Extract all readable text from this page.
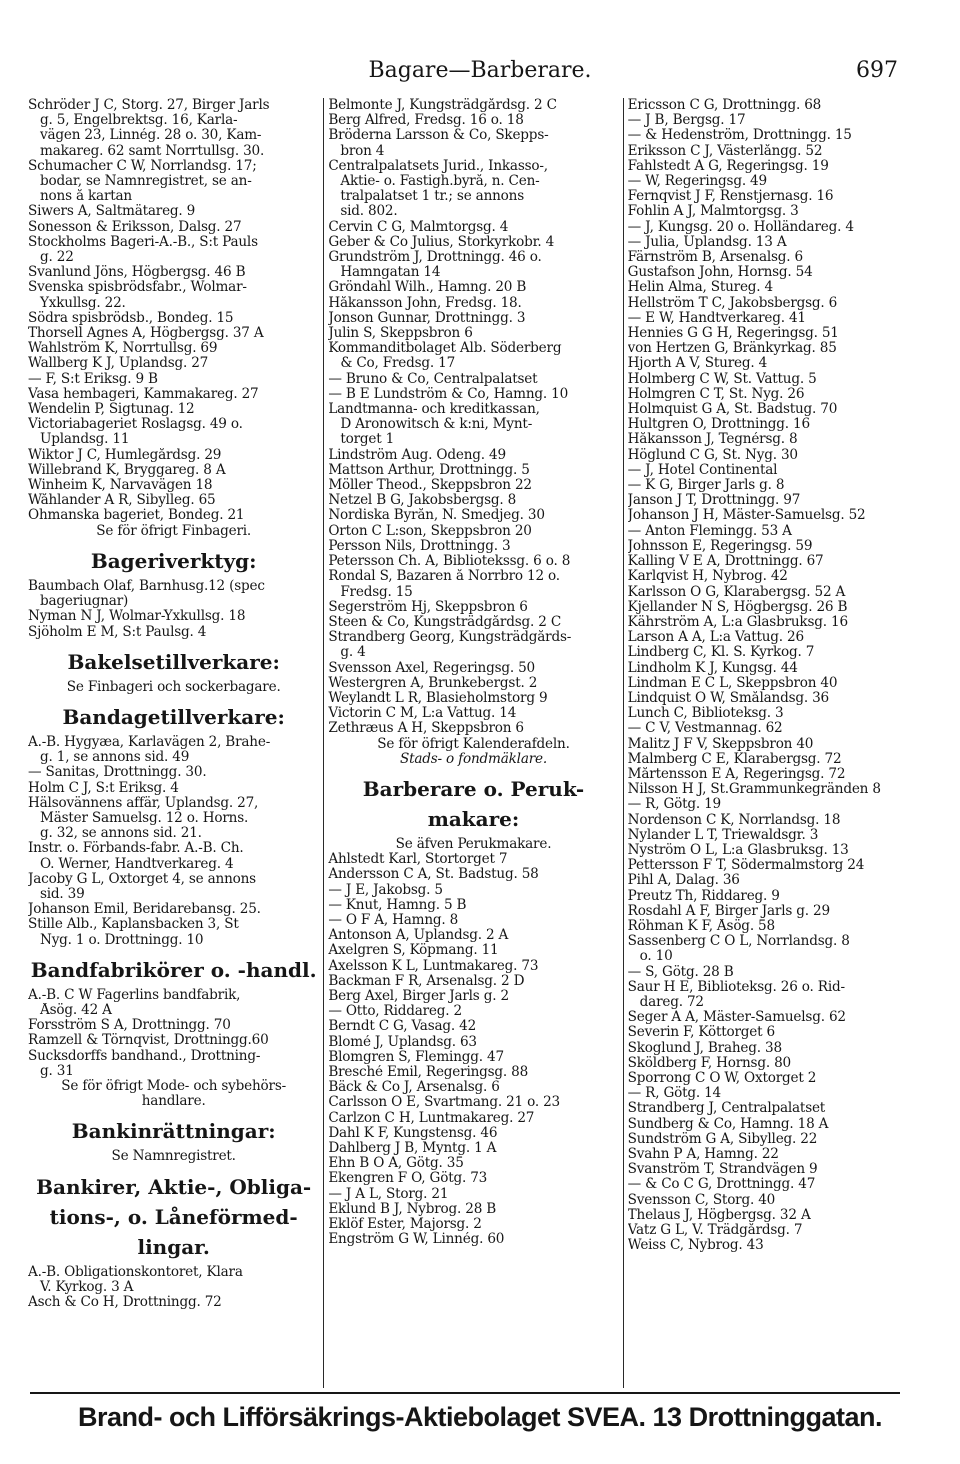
Bagare—Barberare.	697
Schröder J C, Storg. 27, Birger Jarls
g. 5, Engelbrektsg. 16, Karla-
vägen 23, Linnég. 28 o. 30, Kam-
makareg. 62 samt Norrtullsg. 30.
Schumacher C W, Norrlandsg. 17;
bodar, se Namnregistret, se an-
nons å kartan
Siwers A, Saltmätareg. 9
Sonesson & Eriksson, Dalsg. 27
Stockholms Bageri-A.-B., S:t Pauls
g. 22
Svanlund Jöns, Högbergsg. 46 B
Svenska spisbrödsfabr., Wolmar-
Yxkullsg. 22.
Södra spisbrödsb., Bondeg. 15
Thorsell Agnes A, Högbergsg. 37 A
Wahlström K, Norrtullsg. 69
Wallberg K J, Uplandsg. 27
— F, S:t Eriksg. 9 B
Vasa hembageri, Kammakareg. 27
Wendelin P, Sigtunag. 12
Victoriabageriet Roslagsg. 49 o.
Uplandsg. 11
Wiktor J C, Humlegårdsg. 29
Willebrand K, Bryggareg. 8 A
Winheim K, Narvavägen 18
Wåhlander A R, Sibylleg. 65
Öhmanska bageriet, Bondeg. 21
Se för öfrigt Finbageri.
Bageriverktyg:
Baumbach Olaf, Barnhusg.12 (spec
bageriugnar)
Nyman N J, Wolmar-Yxkullsg. 18
Sjöholm E M, S:t Paulsg. 4
Bakelsetillverkare:
Se Finbageri och sockerbagare.
Bandagetillverkare:
A.-B. Hygyæa, Karlavägen 2, Brahe-
g. 1, se annons sid. 49
— Sanitas, Drottningg. 30.
Holm C J, S:t Eriksg. 4
Hälsovännens affär, Uplandsg. 27,
Mäster Samuelsg. 12 o. Horns.
g. 32, se annons sid. 21.
Instr. o. Förbands-fabr. A.-B. Ch.
O. Werner, Handtverkareg. 4
Jacoby G L, Oxtorget 4, se annons
sid. 39
Johanson Emil, Beridarebansg. 25.
Stille Alb., Kaplansbacken 3, St
Nyg. 1 o. Drottningg. 10
Bandfabrikörer o. -handl.
A.-B. C W Fagerlins bandfabrik,
Åsög. 42 A
Forsström S A, Drottningg. 70
Ramzell & Törnqvist, Drottningg.60
Sucksdorffs bandhand., Drottning-
g. 31
Se för öfrigt Mode- och sybehörs-
handlare.
Bankinrättningar:
Se Namnregistret.
Bankirer, Aktie-, Obliga-
tions-, o. Låneförmed-
lingar.
A.-B. Obligationskontoret, Klara
V. Kyrkog. 3 A
Asch & Co H, Drottningg. 72
Belmonte J, Kungsträdgårdsg. 2 C
Berg Alfred, Fredsg. 16 o. 18
Bröderna Larsson & Co, Skepps-
bron 4
Centralpalatsets Jurid., Inkasso-,
Aktie- o. Fastigh.byrå, n. Cen-
tralpalatset 1 tr.; se annons
sid. 802.
Cervin C G, Malmtorgsg. 4
Geber & Co Julius, Storkyrkobr. 4
Grundström J, Drottningg. 46 o.
Hamngatan 14
Gröndahl Wilh., Hamng. 20 B
Håkansson John, Fredsg. 18.
Jonson Gunnar, Drottningg. 3
Julin S, Skeppsbron 6
Kommanditbolaget Alb. Söderberg
& Co, Fredsg. 17
— Bruno & Co, Centralpalatset
— B E Lundström & Co, Hamng. 10
Landtmanna- och kreditkassan,
D Aronowitsch & k:ni, Mynt-
torget 1
Lindström Aug. Odeng. 49
Mattson Arthur, Drottningg. 5
Möller Theod., Skeppsbron 22
Netzel B G, Jakobsbergsg. 8
Nordiska Byrån, N. Smedjeg. 30
Orton C L:son, Skeppsbron 20
Persson Nils, Drottningg. 3
Petersson Ch. A, Bibliotekssg. 6 o. 8
Rondal S, Bazaren å Norrbro 12 o.
Fredsg. 15
Segerström Hj, Skeppsbron 6
Steen & Co, Kungsträdgårdsg. 2 C
Strandberg Georg, Kungsträdgårds-
g. 4
Svensson Axel, Regeringsg. 50
Westergren A, Brunkebergst. 2
Weylandt L R, Blasieholmstorg 9
Victorin C M, L:a Vattug. 14
Zethræus A H, Skeppsbron 6
Se för öfrigt Kalenderafdeln.
Stads- o fondmäklare.
Barberare o. Peruk-
makare:
Se äfven Perukmakare.
Ahlstedt Karl, Stortorget 7
Andersson C A, St. Badstug. 58
— J E, Jakobsg. 5
— Knut, Hamng. 5 B
— O F A, Hamng. 8
Antonson A, Uplandsg. 2 A
Axelgren S, Köpmang. 11
Axelsson K L, Luntmakareg. 73
Backman F R, Arsenalsg. 2 D
Berg Axel, Birger Jarls g. 2
— Otto, Riddareg. 2
Berndt C G, Vasag. 42
Blomé J, Uplandsg. 63
Blomgren S, Flemingg. 47
Bresché Emil, Regeringsg. 88
Bäck & Co J, Arsenalsg. 6
Carlsson O E, Svartmang. 21 o. 23
Carlzon C H, Luntmakareg. 27
Dahl K F, Kungstensg. 46
Dahlberg J B, Myntg. 1 A
Ehn B O A, Götg. 35
Ekengren F O, Götg. 73
— J A L, Storg. 21
Eklund B J, Nybrog. 28 B
Eklöf Ester, Majorsg. 2
Engström G W, Linnég. 60
Ericsson C G, Drottningg. 68
— J B, Bergsg. 17
— & Hedenström, Drottningg. 15
Eriksson C J, Västerlångg. 52
Fahlstedt A G, Regeringsg. 19
— W, Regeringsg. 49
Fernqvist J F, Renstjernasg. 16
Fohlin A J, Malmtorgsg. 3
— J, Kungsg. 20 o. Holländareg. 4
— Julia, Uplandsg. 13 A
Färnström B, Arsenalsg. 6
Gustafson John, Hornsg. 54
Helin Alma, Stureg. 4
Hellström T C, Jakobsbergsg. 6
— E W, Handtverkareg. 41
Hennies G G H, Regeringsg. 51
von Hertzen G, Bränkyrkag. 85
Hjorth A V, Stureg. 4
Holmberg C W, St. Vattug. 5
Holmgren C T, St. Nyg. 26
Holmquist G A, St. Badstug. 70
Hultgren O, Drottningg. 16
Håkansson J, Tegnérsg. 8
Höglund C G, St. Nyg. 30
— J, Hotel Continental
— K G, Birger Jarls g. 8
Janson J T, Drottningg. 97
Johanson J H, Mäster-Samuelsg. 52
— Anton Flemingg. 53 A
Johnsson E, Regeringsg. 59
Kalling V E A, Drottningg. 67
Karlqvist H, Nybrog. 42
Karlsson O G, Klarabergsg. 52 A
Kjellander N S, Högbergsg. 26 B
Kährström A, L:a Glasbruksg. 16
Larson A A, L:a Vattug. 26
Lindberg C, Kl. S. Kyrkog. 7
Lindholm K J, Kungsg. 44
Lindman E C L, Skeppsbron 40
Lindquist O W, Smålandsg. 36
Lunch C, Biblioteksg. 3
— C V, Vestmannag. 62
Malitz J F V, Skeppsbron 40
Malmberg C E, Klarabergsg. 72
Mårtensson E A, Regeringsg. 72
Nilsson H J, St.Grammunkegränden 8
— R, Götg. 19
Nordenson C K, Norrlandsg. 18
Nylander L T, Triewaldsgr. 3
Nyström O L, L:a Glasbruksg. 13
Pettersson F T, Södermalmstorg 24
Pihl A, Dalag. 36
Preutz Th, Riddareg. 9
Rosdahl A F, Birger Jarls g. 29
Röhman K F, Åsög. 58
Sassenberg C O L, Norrlandsg. 8
o. 10
— S, Götg. 28 B
Saur H E, Biblioteksg. 26 o. Rid-
dareg. 72
Seger A A, Mäster-Samuelsg. 62
Severin F, Köttorget 6
Skoglund J, Braheg. 38
Sköldberg F, Hornsg. 80
Sporrong C O W, Oxtorget 2
— R, Götg. 14
Strandberg J, Centralpalatset
Sundberg & Co, Hamng. 18 A
Sundström G A, Sibylleg. 22
Svahn P A, Hamng. 22
Svanström T, Strandvägen 9
— & Co C G, Drottningg. 47
Svensson C, Storg. 40
Thelaus J, Högbergsg. 32 A
Vatz G L, V. Trädgårdsg. 7
Weiss C, Nybrog. 43
Brand- och Lifförsäkrings-Aktiebolaget SVEA. 13 Drottninggatan.
